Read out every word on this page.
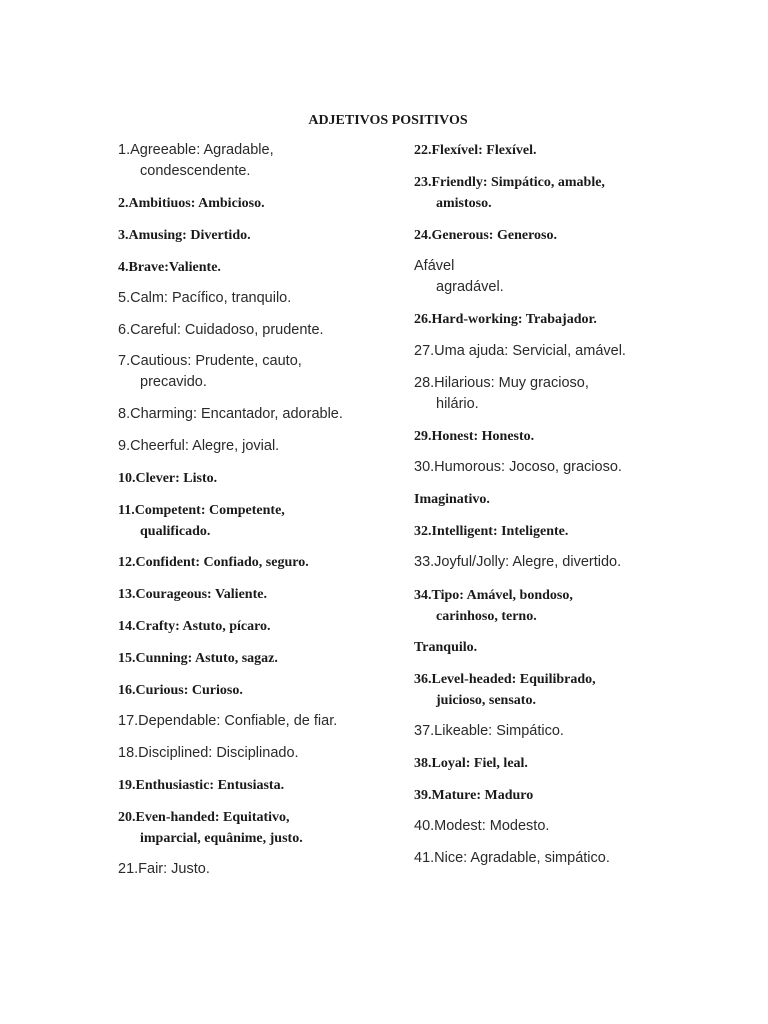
ADJETIVOS POSITIVOS

1.Agreeable: Agradable,
condescendente.

2.Ambitiuos: Ambicioso.

3.Amusing: Divertido.

4.Brave:Valiente.

5.Calm: Pacífico, tranquilo.

6.Careful: Cuidadoso, prudente.

7.Cautious: Prudente, cauto,
precavido.

8.Charming: Encantador, adorable.

9.Cheerful: Alegre, jovial.

10.Clever: Listo.

11.Competent: Competente,
qualificado.

12.Confident: Confiado, seguro.

13.Courageous: Valiente.

14.Crafty: Astuto, pícaro.

15.Cunning: Astuto, sagaz.

16.Curious: Curioso.

17.Dependable: Confiable, de fiar.

18.Disciplined: Disciplinado.

19.Enthusiastic: Entusiasta.

20.Even-handed: Equitativo,
imparcial, equânime, justo.

21.Fair: Justo.

22.Flexível: Flexível.

23.Friendly: Simpático, amable,
amistoso.

24.Generous: Generoso.

Afável
agradável.

26.Hard-working: Trabajador.

27.Uma ajuda: Servicial, amável.

28.Hilarious: Muy gracioso,
hilário.

29.Honest: Honesto.

30.Humorous: Jocoso, gracioso.

Imaginativo.

32.Intelligent: Inteligente.

33.Joyful/Jolly: Alegre, divertido.

34.Tipo: Amável, bondoso,
carinhoso, terno.

Tranquilo.

36.Level-headed: Equilibrado,
juicioso, sensato.

37.Likeable: Simpático.

38.Loyal: Fiel, leal.

39.Mature: Maduro

40.Modest: Modesto.

41.Nice: Agradable, simpático.
